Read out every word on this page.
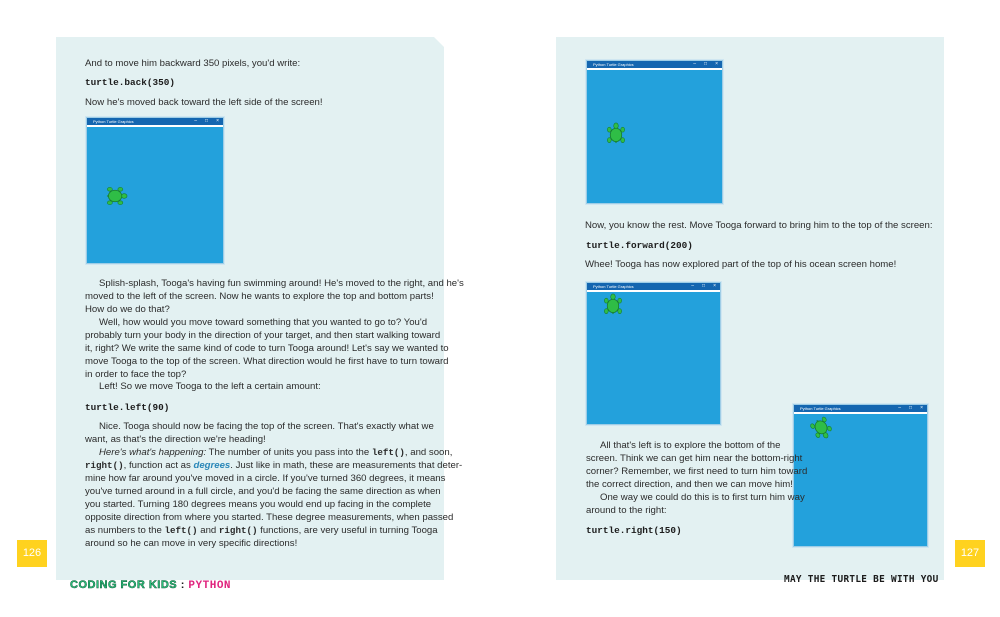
And to move him backward 350 pixels, you'd write:

turtle.back(350)

Now he's moved back toward the left side of the screen!

Python Turtle Graphics	– □ ×

Splish-splash, Tooga's having fun swimming around! He's moved to the right, and he's

moved to the left of the screen. Now he wants to explore the top and bottom parts!

How do we do that?

Well, how would you move toward something that you wanted to go to? You'd

probably turn your body in the direction of your target, and then start walking toward

it, right? We write the same kind of code to turn Tooga around! Let's say we wanted to

move Tooga to the top of the screen. What direction would he first have to turn toward

in order to face the top?

Left! So we move Tooga to the left a certain amount:

turtle.left(90)

Nice. Tooga should now be facing the top of the screen. That's exactly what we

want, as that's the direction we're heading!

Here's what's happening: The number of units you pass into the left(), and soon,

right(), function act as degrees. Just like in math, these are measurements that deter-

mine how far around you've moved in a circle. If you've turned 360 degrees, it means

you've turned around in a full circle, and you'd be facing the same direction as when

you started. Turning 180 degrees means you would end up facing in the complete

opposite direction from where you started. These degree measurements, when passed

as numbers to the left() and right() functions, are very useful in turning Tooga

around so he can move in very specific directions!

126
CODING FOR KIDS : PYTHON
Python Turtle Graphics	– □ ×

Now, you know the rest. Move Tooga forward to bring him to the top of the screen:

turtle.forward(200)

Whee! Tooga has now explored part of the top of his ocean screen home!

Python Turtle Graphics	– □ ×
Python Turtle Graphics	– □ ×

All that's left is to explore the bottom of the

screen. Think we can get him near the bottom-right

corner? Remember, we first need to turn him toward

the correct direction, and then we can move him!

One way we could do this is to first turn him way

around to the right:

turtle.right(150)
127
MAY THE TURTLE BE WITH YOU
